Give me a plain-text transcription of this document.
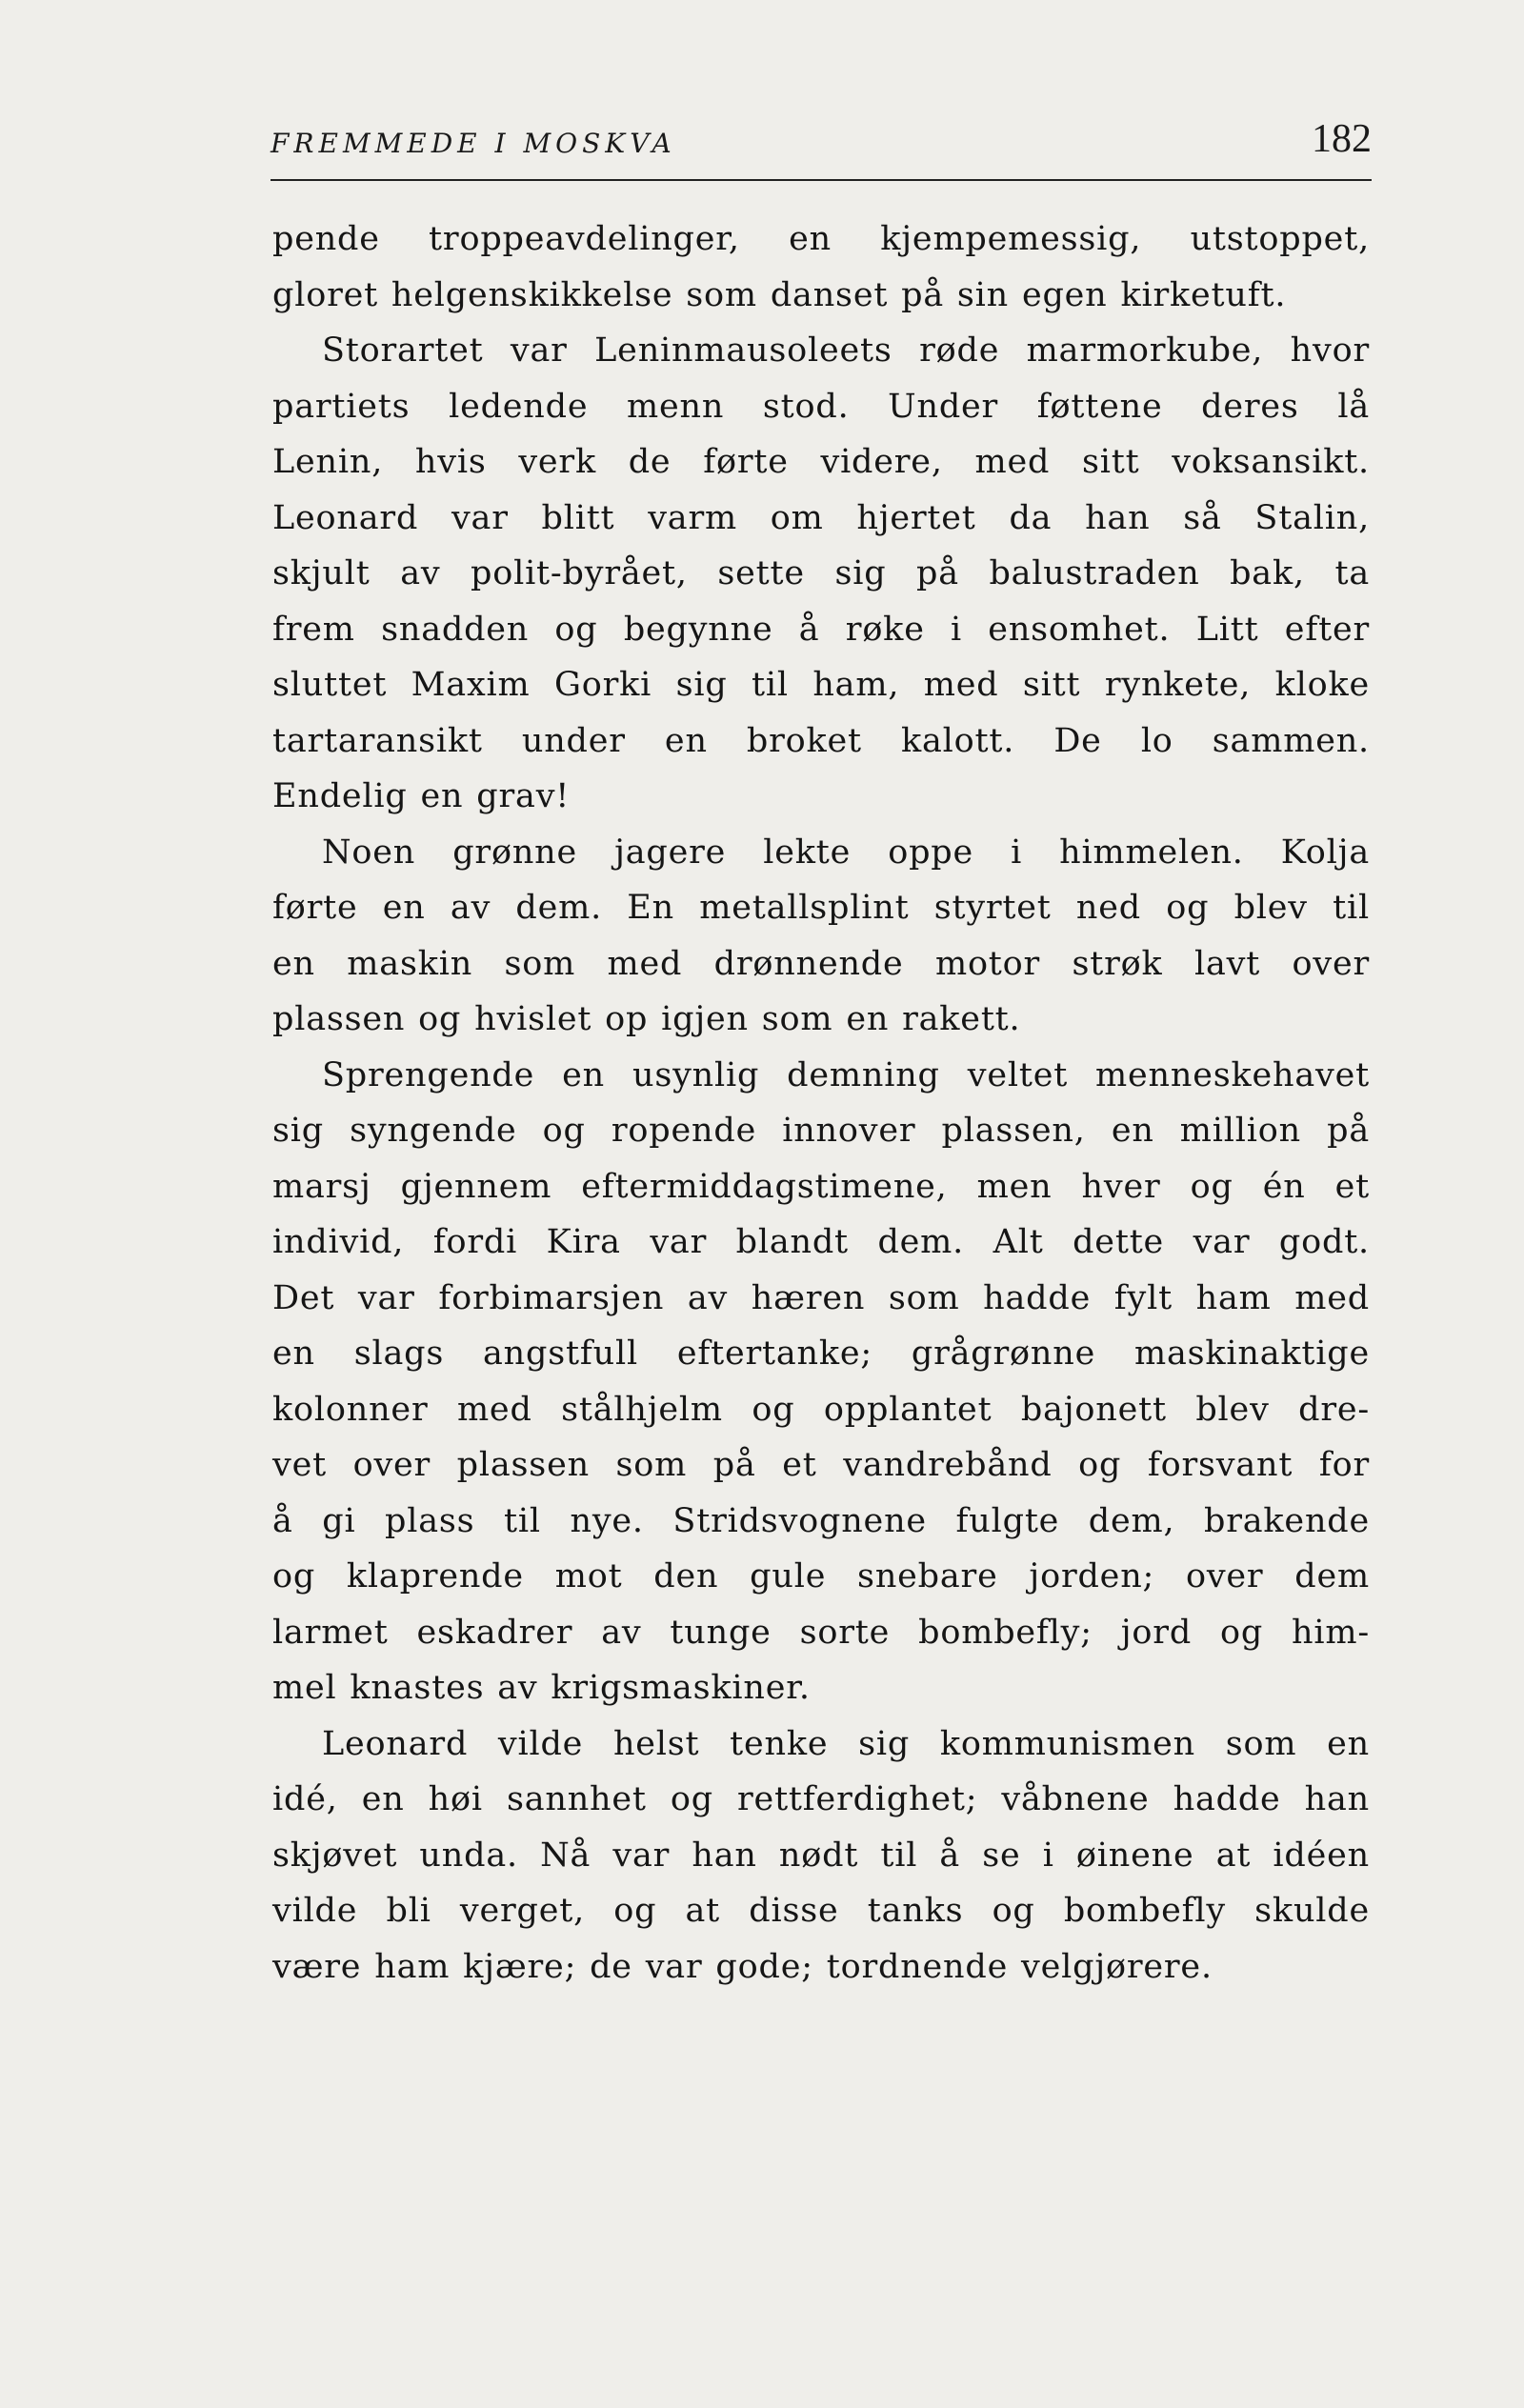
FREMMEDE I MOSKVA	182
pende troppeavdelinger, en kjempemessig, utstoppet,
gloret helgenskikkelse som danset på sin egen kirketuft.
Storartet var Leninmausoleets røde marmorkube, hvor
partiets ledende menn stod. Under føttene deres lå
Lenin, hvis verk de førte videre, med sitt voksansikt.
Leonard var blitt varm om hjertet da han så Stalin,
skjult av polit-byrået, sette sig på balustraden bak, ta
frem snadden og begynne å røke i ensomhet. Litt efter
sluttet Maxim Gorki sig til ham, med sitt rynkete, kloke
tartaransikt under en broket kalott. De lo sammen.
Endelig en grav!
Noen grønne jagere lekte oppe i himmelen. Kolja
førte en av dem. En metallsplint styrtet ned og blev til
en maskin som med drønnende motor strøk lavt over
plassen og hvislet op igjen som en rakett.
Sprengende en usynlig demning veltet menneskehavet
sig syngende og ropende innover plassen, en million på
marsj gjennem eftermiddagstimene, men hver og én et
individ, fordi Kira var blandt dem. Alt dette var godt.
Det var forbimarsjen av hæren som hadde fylt ham med
en slags angstfull eftertanke; grågrønne maskinaktige
kolonner med stålhjelm og opplantet bajonett blev dre-
vet over plassen som på et vandrebånd og forsvant for
å gi plass til nye. Stridsvognene fulgte dem, brakende
og klaprende mot den gule snebare jorden; over dem
larmet eskadrer av tunge sorte bombefly; jord og him-
mel knastes av krigsmaskiner.
Leonard vilde helst tenke sig kommunismen som en
idé, en høi sannhet og rettferdighet; våbnene hadde han
skjøvet unda. Nå var han nødt til å se i øinene at idéen
vilde bli verget, og at disse tanks og bombefly skulde
være ham kjære; de var gode; tordnende velgjørere.
